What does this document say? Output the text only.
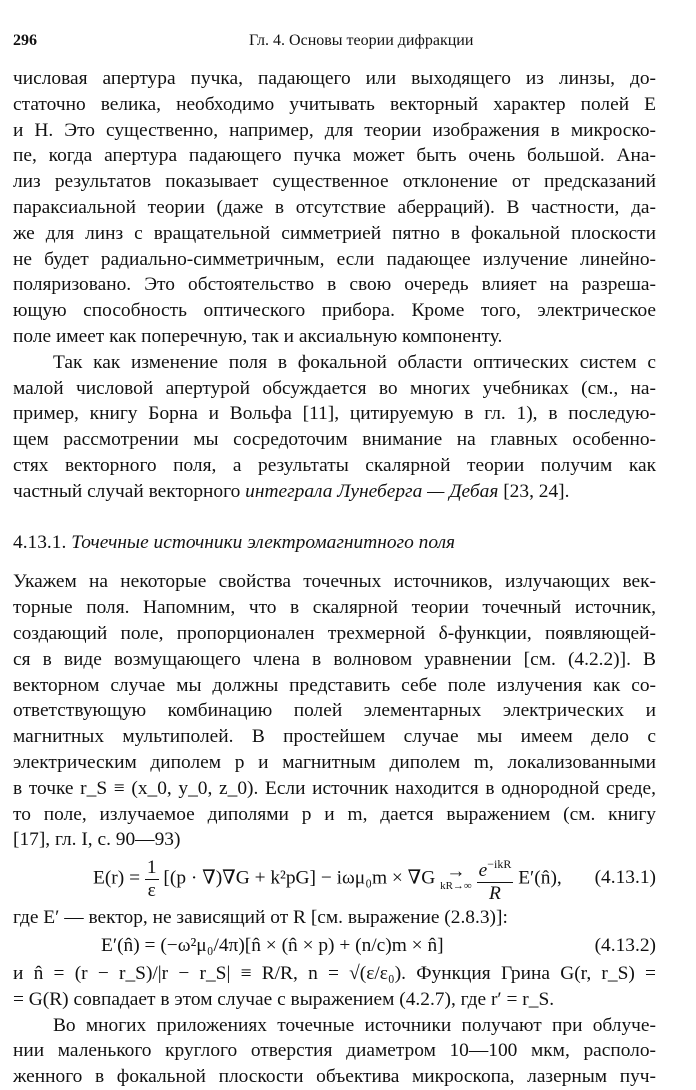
296	Гл. 4. Основы теории дифракции
числовая апертура пучка, падающего или выходящего из линзы, до-
статочно велика, необходимо учитывать векторный характер полей E
и H. Это существенно, например, для теории изображения в микроско-
пе, когда апертура падающего пучка может быть очень большой. Ана-
лиз результатов показывает существенное отклонение от предсказаний
параксиальной теории (даже в отсутствие аберраций). В частности, да-
же для линз с вращательной симметрией пятно в фокальной плоскости
не будет радиально-симметричным, если падающее излучение линейно-
поляризовано. Это обстоятельство в свою очередь влияет на разреша-
ющую способность оптического прибора. Кроме того, электрическое
поле имеет как поперечную, так и аксиальную компоненту.
Так как изменение поля в фокальной области оптических систем с
малой числовой апертурой обсуждается во многих учебниках (см., на-
пример, книгу Борна и Вольфа [11], цитируемую в гл. 1), в последую-
щем рассмотрении мы сосредоточим внимание на главных особенно-
стях векторного поля, а результаты скалярной теории получим как
частный случай векторного интеграла Лунеберга — Дебая [23, 24].
4.13.1. Точечные источники электромагнитного поля
Укажем на некоторые свойства точечных источников, излучающих век-
торные поля. Напомним, что в скалярной теории точечный источник,
создающий поле, пропорционален трехмерной δ-функции, появляющей-
ся в виде возмущающего члена в волновом уравнении [см. (4.2.2)]. В
векторном случае мы должны представить себе поле излучения как со-
ответствующую комбинацию полей элементарных электрических и
магнитных мультиполей. В простейшем случае мы имеем дело с
электрическим диполем p и магнитным диполем m, локализованными
в точке r_S ≡ (x_0, y_0, z_0). Если источник находится в однородной среде,
то поле, излучаемое диполями p и m, дается выражением (см. книгу
[17], гл. I, с. 90—93)
$E(r) = \frac{1}{\varepsilon} [(p \cdot \nabla)\nabla G + k^2pG] - i\omega\mu_0m \times \nabla G$ →
kR→∞
$\frac{e^{-ikR}}{R}$ E′(n̂), (4.13.1)
где E′ — вектор, не зависящий от R [см. выражение (2.8.3)]:
E′(n̂) = (−ω²μ₀/4π)[n̂ × (n̂ × p) + (n/c)m × n̂]	(4.13.2)
и n̂ = (r − r_S)/|r − r_S| ≡ R/R, n = √(ε/ε₀). Функция Грина G(r, r_S) =
= G(R) совпадает в этом случае с выражением (4.2.7), где r′ = r_S.
Во многих приложениях точечные источники получают при облуче-
нии маленького круглого отверстия диаметром 10—100 мкм, располо-
женного в фокальной плоскости объектива микроскопа, лазерным пуч-
